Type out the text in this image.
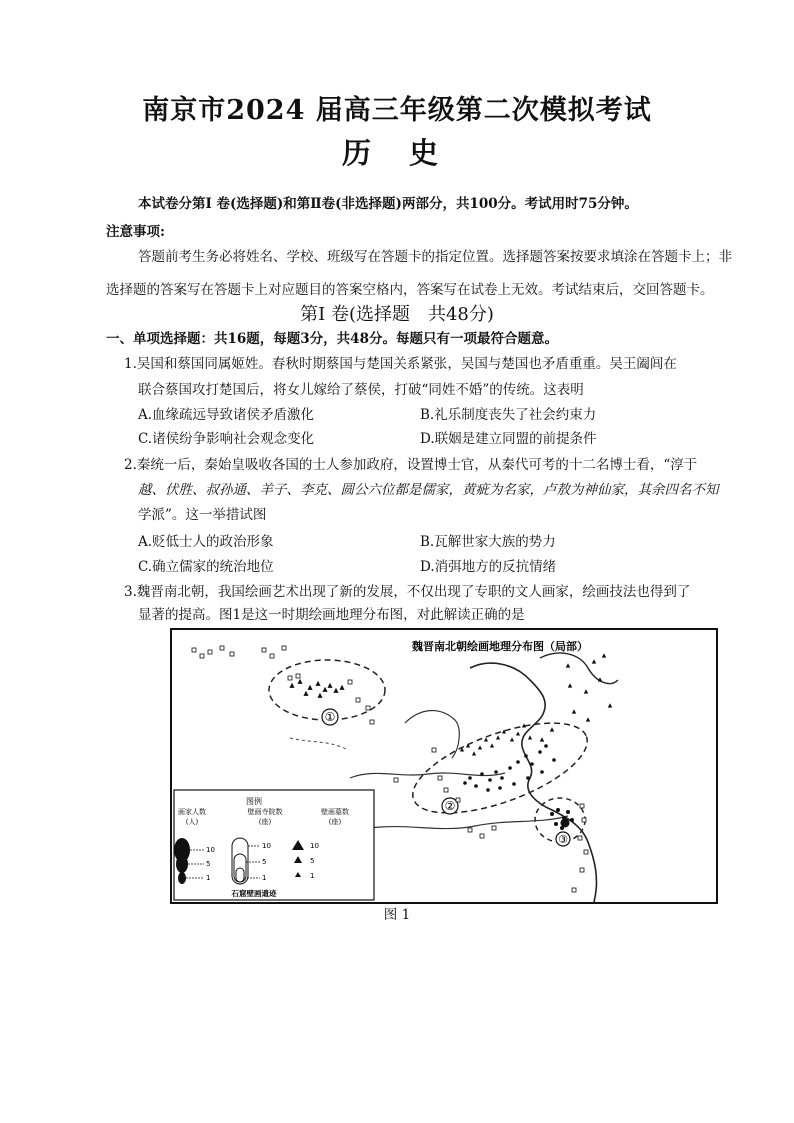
南京市2024 届高三年级第二次模拟考试
历 史
本试卷分第I 卷(选择题)和第Ⅱ卷(非选择题)两部分，共100分。考试用时75分钟。
注意事项:
答题前考生务必将姓名、学校、班级写在答题卡的指定位置。选择题答案按要求填涂在答题卡上；非
选择题的答案写在答题卡上对应题目的答案空格内，答案写在试卷上无效。考试结束后，交回答题卡。
第I 卷(选择题　共48分)
一、单项选择题：共16题，每题3分，共48分。每题只有一项最符合题意。
1.吴国和蔡国同属姬姓。春秋时期蔡国与楚国关系紧张，吴国与楚国也矛盾重重。吴王阖闾在
联合蔡国攻打楚国后，将女儿嫁给了蔡侯，打破“同姓不婚”的传统。这表明
A.血缘疏远导致诸侯矛盾激化	B.礼乐制度丧失了社会约束力
C.诸侯纷争影响社会观念变化	D.联姻是建立同盟的前提条件
2.秦统一后，秦始皇吸收各国的士人参加政府，设置博士官，从秦代可考的十二名博士看，“淳于
越、伏胜、叔孙通、羊子、李克、圆公六位都是儒家，黄疵为名家，卢敖为神仙家，其余四名不知
学派”。这一举措试图
A.贬低士人的政治形象	B.瓦解世家大族的势力
C.确立儒家的统治地位	D.消弭地方的反抗情绪
3.魏晋南北朝，我国绘画艺术出现了新的发展，不仅出现了专职的文人画家，绘画技法也得到了
显著的提高。图1是这一时期绘画地理分布图，对此解读正确的是
①
②
③
魏晋南北朝绘画地理分布图（局部）
图例
画家人数
(人)
壁画寺院数
(座)
壁画墓数
(座)
10
5
1
10
5
1
10
5
1
石窟壁画遗迹
图 1
